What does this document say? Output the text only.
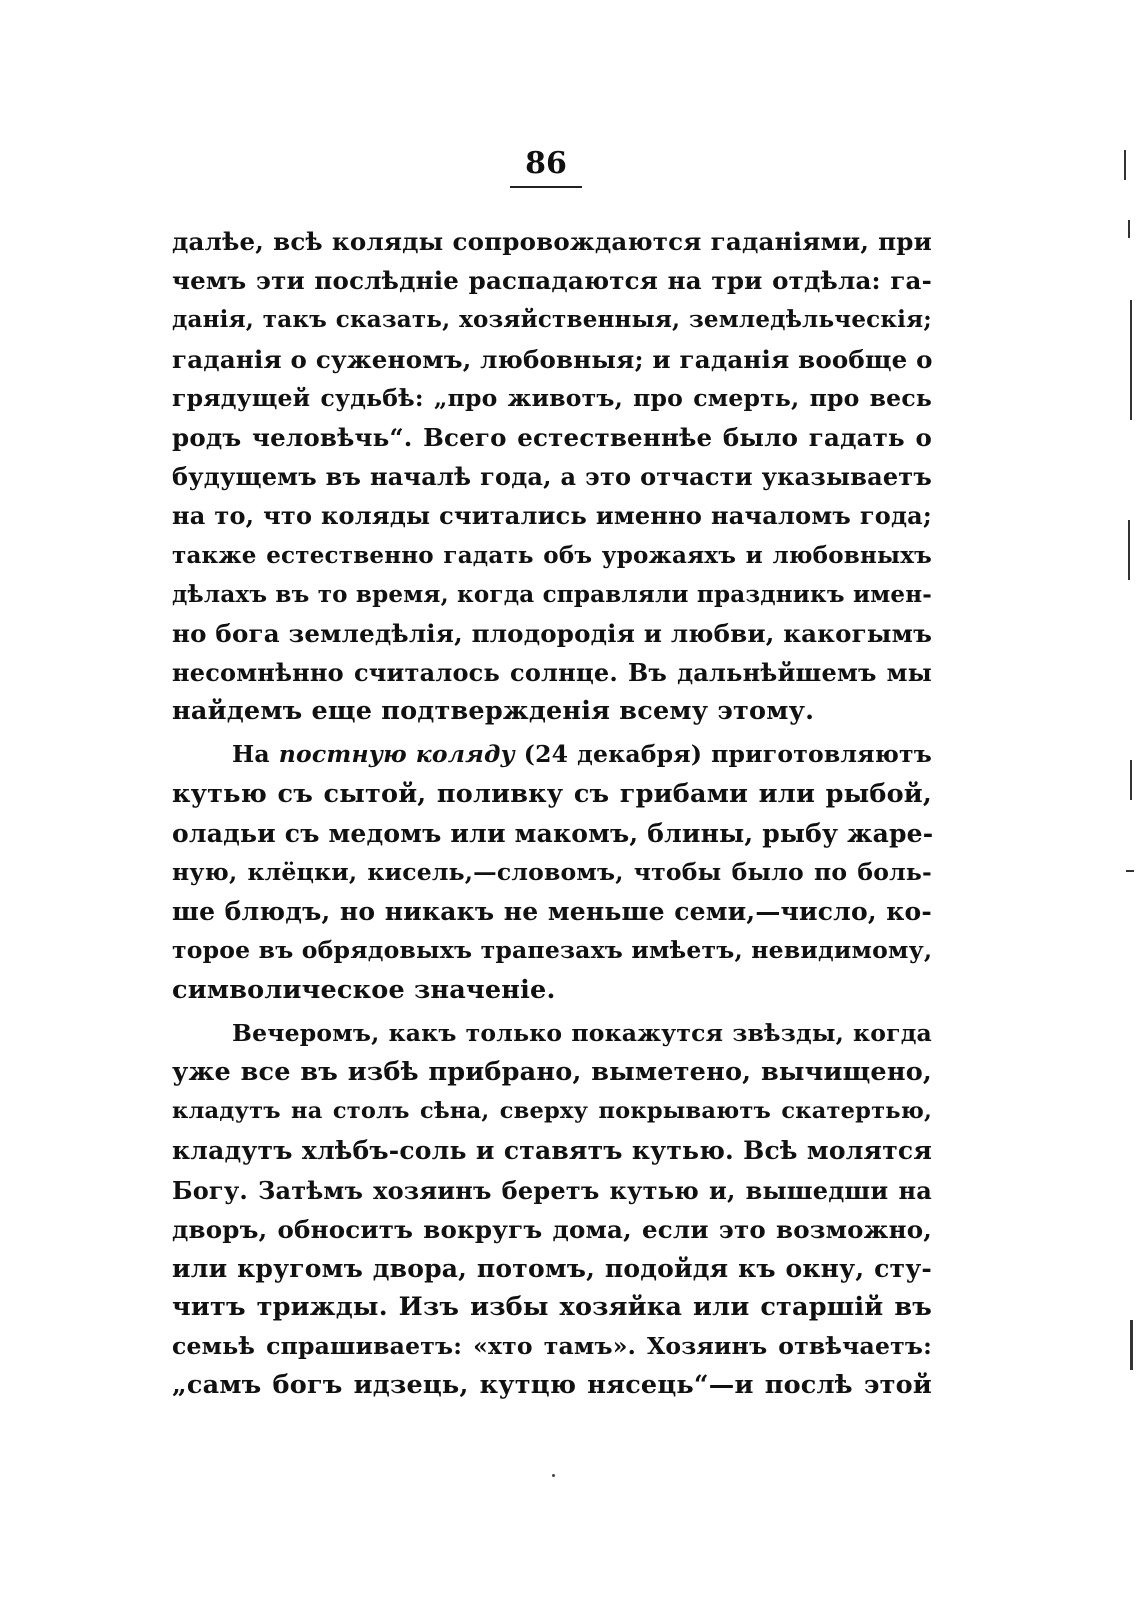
86
далѣе, всѣ коляды сопровождаются гаданіями, при
чемъ эти послѣдніе распадаются на три отдѣла: га-
данія, такъ сказать, хозяйственныя, земледѣльческія;
гаданія о суженомъ, любовныя; и гаданія вообще о
грядущей судьбѣ: „про животъ, про смерть, про весь
родъ человѣчь“. Всего естественнѣе было гадать о
будущемъ въ началѣ года, а это отчасти указываетъ
на то, что коляды считались именно началомъ года;
также естественно гадать объ урожаяхъ и любовныхъ
дѣлахъ въ то время, когда справляли праздникъ имен-
но бога земледѣлія, плодородія и любви, какогымъ
несомнѣнно считалось солнце. Въ дальнѣйшемъ мы
найдемъ еще подтвержденія всему этому.
На постную коляду (24 декабря) приготовляютъ
кутью съ сытой, поливку съ грибами или рыбой,
оладьи съ медомъ или макомъ, блины, рыбу жаре-
ную, клёцки, кисель,—словомъ, чтобы было по боль-
ше блюдъ, но никакъ не меньше семи,—число, ко-
торое въ обрядовыхъ трапезахъ имѣетъ, невидимому,
символическое значеніе.
Вечеромъ, какъ только покажутся звѣзды, когда
уже все въ избѣ прибрано, выметено, вычищено,
кладутъ на столъ сѣна, сверху покрываютъ скатертью,
кладутъ хлѣбъ-соль и ставятъ кутью. Всѣ молятся
Богу. Затѣмъ хозяинъ беретъ кутью и, вышедши на
дворъ, обноситъ вокругъ дома, если это возможно,
или кругомъ двора, потомъ, подойдя къ окну, сту-
читъ трижды. Изъ избы хозяйка или старшій въ
семьѣ спрашиваетъ: «хто тамъ». Хозяинъ отвѣчаетъ:
„самъ богъ идзець, кутцю нясець“—и послѣ этой
